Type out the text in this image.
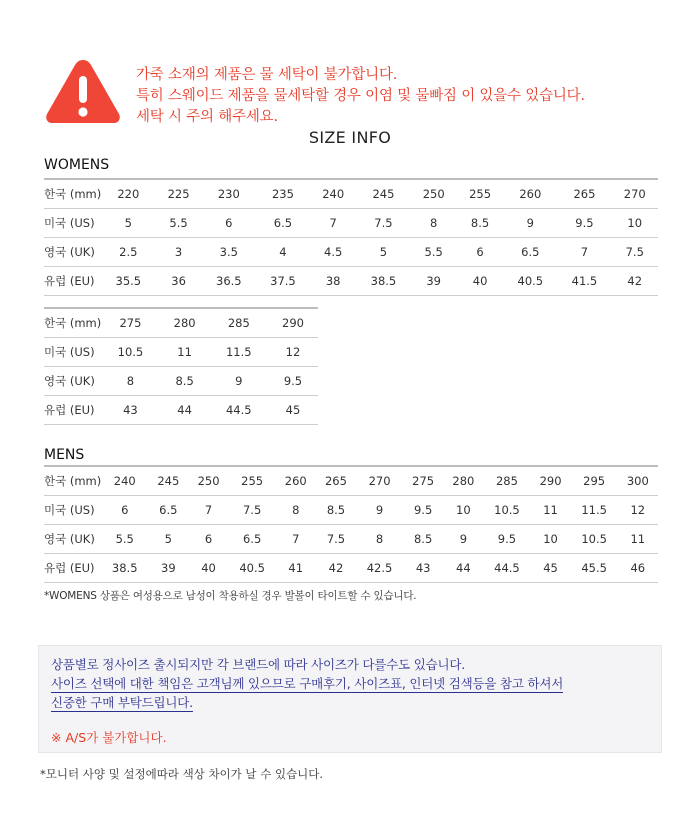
가죽 소재의 제품은 물 세탁이 불가합니다.
특히 스웨이드 제품을 물세탁할 경우 이염 및 물빠짐 이 있을수 있습니다.
세탁 시 주의 해주세요.
SIZE INFO
WOMENS
한국 (mm)	220	225	230	235	240	245	250	255	260	265	270
미국 (US)	5	5.5	6	6.5	7	7.5	8	8.5	9	9.5	10
영국 (UK)	2.5	3	3.5	4	4.5	5	5.5	6	6.5	7	7.5
유럽 (EU)	35.5	36	36.5	37.5	38	38.5	39	40	40.5	41.5	42
한국 (mm)	275	280	285	290
미국 (US)	10.5	11	11.5	12
영국 (UK)	8	8.5	9	9.5
유럽 (EU)	43	44	44.5	45
MENS
한국 (mm)	240	245	250	255	260	265	270	275	280	285	290	295	300
미국 (US)	6	6.5	7	7.5	8	8.5	9	9.5	10	10.5	11	11.5	12
영국 (UK)	5.5	5	6	6.5	7	7.5	8	8.5	9	9.5	10	10.5	11
유럽 (EU)	38.5	39	40	40.5	41	42	42.5	43	44	44.5	45	45.5	46
*WOMENS 상품은 여성용으로 남성이 착용하실 경우 발볼이 타이트할 수 있습니다.
상품별로 정사이즈 출시되지만 각 브랜드에 따라 사이즈가 다를수도 있습니다.
사이즈 선택에 대한 책임은 고객님께 있으므로 구매후기, 사이즈표, 인터넷 검색등을 참고 하셔서
신중한 구매 부탁드립니다.
※ A/S가 불가합니다.
*모니터 사양 및 설정에따라 색상 차이가 날 수 있습니다.
